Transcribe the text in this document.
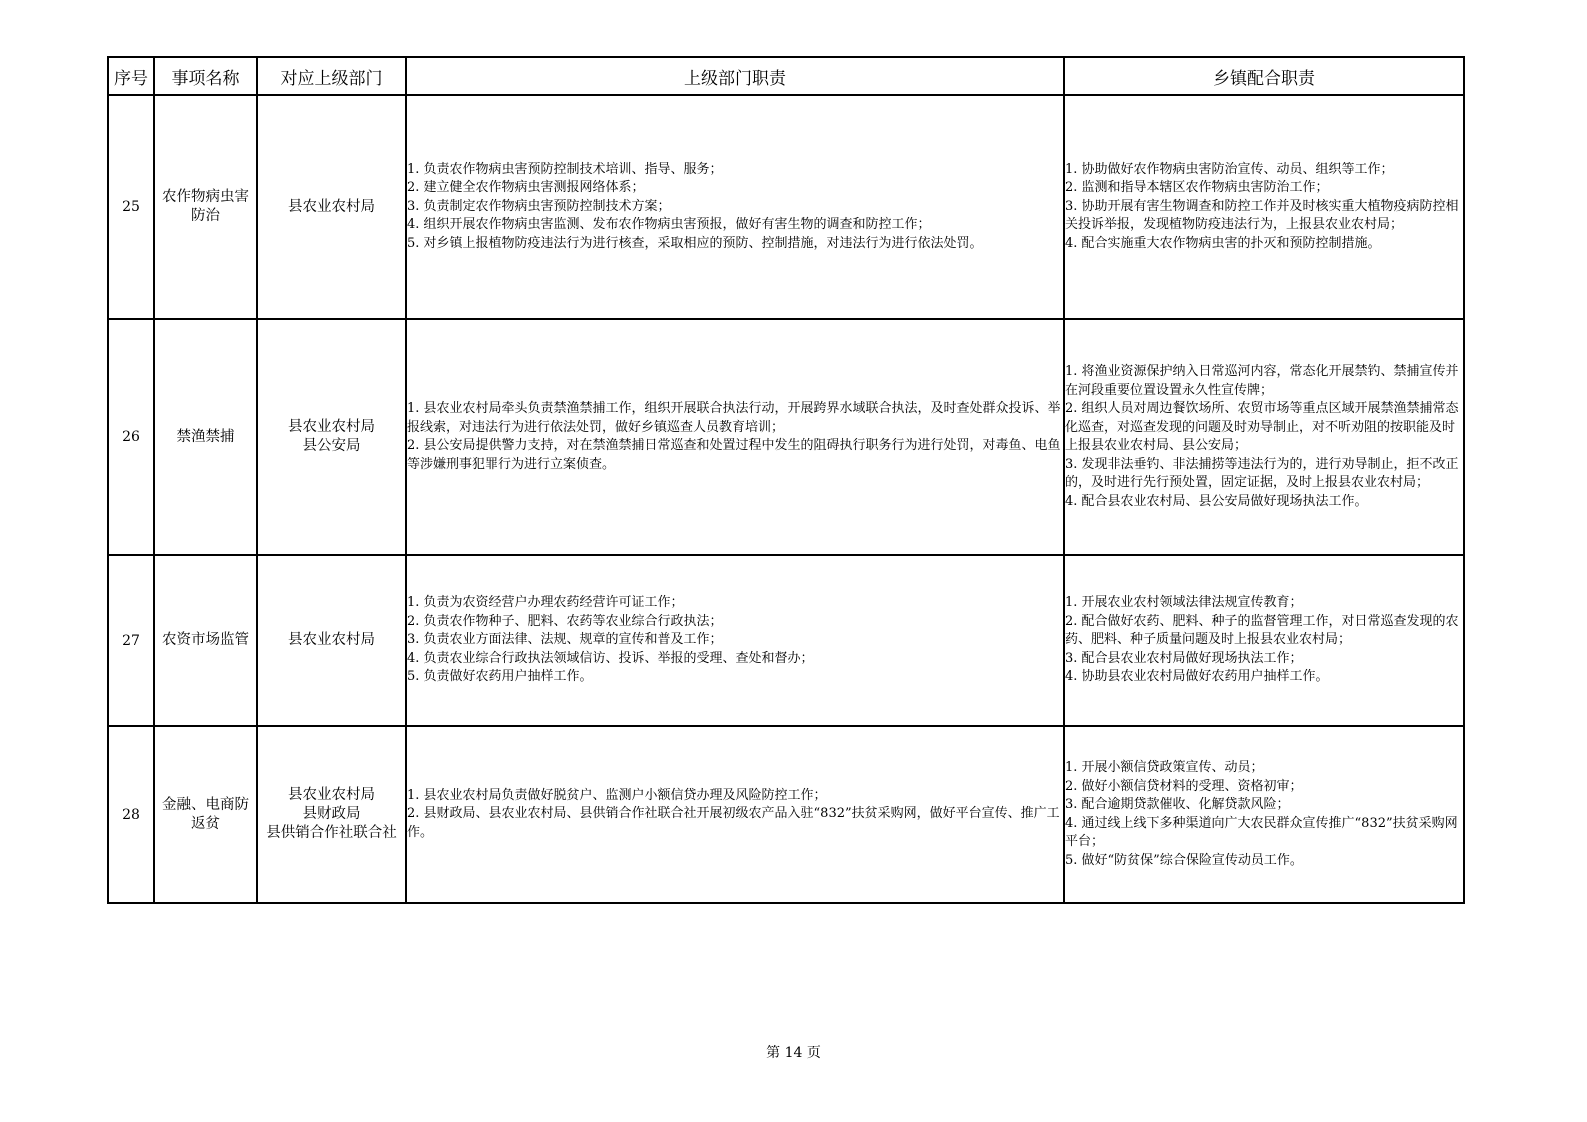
序号	事项名称	对应上级部门	上级部门职责	乡镇配合职责
25	农作物病虫害
防治	县农业农村局	1. 负责农作物病虫害预防控制技术培训、指导、服务；
2. 建立健全农作物病虫害测报网络体系；
3. 负责制定农作物病虫害预防控制技术方案；
4. 组织开展农作物病虫害监测、发布农作物病虫害预报，做好有害生物的调查和防控工作；
5. 对乡镇上报植物防疫违法行为进行核查，采取相应的预防、控制措施，对违法行为进行依法处罚。	1. 协助做好农作物病虫害防治宣传、动员、组织等工作；
2. 监测和指导本辖区农作物病虫害防治工作；
3. 协助开展有害生物调查和防控工作并及时核实重大植物疫病防控相关投诉举报，发现植物防疫违法行为，上报县农业农村局；
4. 配合实施重大农作物病虫害的扑灭和预防控制措施。

26	禁渔禁捕	县农业农村局
县公安局	1. 县农业农村局牵头负责禁渔禁捕工作，组织开展联合执法行动，开展跨界水域联合执法，及时查处群众投诉、举报线索，对违法行为进行依法处罚，做好乡镇巡查人员教育培训；
2. 县公安局提供警力支持，对在禁渔禁捕日常巡查和处置过程中发生的阻碍执行职务行为进行处罚，对毒鱼、电鱼等涉嫌刑事犯罪行为进行立案侦查。	1. 将渔业资源保护纳入日常巡河内容，常态化开展禁钓、禁捕宣传并在河段重要位置设置永久性宣传牌；
2. 组织人员对周边餐饮场所、农贸市场等重点区域开展禁渔禁捕常态化巡查，对巡查发现的问题及时劝导制止，对不听劝阻的按职能及时上报县农业农村局、县公安局；
3. 发现非法垂钓、非法捕捞等违法行为的，进行劝导制止，拒不改正的，及时进行先行预处置，固定证据，及时上报县农业农村局；
4. 配合县农业农村局、县公安局做好现场执法工作。

27	农资市场监管	县农业农村局	1. 负责为农资经营户办理农药经营许可证工作；
2. 负责农作物种子、肥料、农药等农业综合行政执法；
3. 负责农业方面法律、法规、规章的宣传和普及工作；
4. 负责农业综合行政执法领域信访、投诉、举报的受理、查处和督办；
5. 负责做好农药用户抽样工作。	1. 开展农业农村领域法律法规宣传教育；
2. 配合做好农药、肥料、种子的监督管理工作，对日常巡查发现的农药、肥料、种子质量问题及时上报县农业农村局；
3. 配合县农业农村局做好现场执法工作；
4. 协助县农业农村局做好农药用户抽样工作。

28	金融、电商防
返贫	县农业农村局
县财政局
县供销合作社联合社	1. 县农业农村局负责做好脱贫户、监测户小额信贷办理及风险防控工作；
2. 县财政局、县农业农村局、县供销合作社联合社开展初级农产品入驻“832”扶贫采购网，做好平台宣传、推广工作。	1. 开展小额信贷政策宣传、动员；
2. 做好小额信贷材料的受理、资格初审；
3. 配合逾期贷款催收、化解贷款风险；
4. 通过线上线下多种渠道向广大农民群众宣传推广“832”扶贫采购网平台；
5. 做好“防贫保”综合保险宣传动员工作。
第 14 页
